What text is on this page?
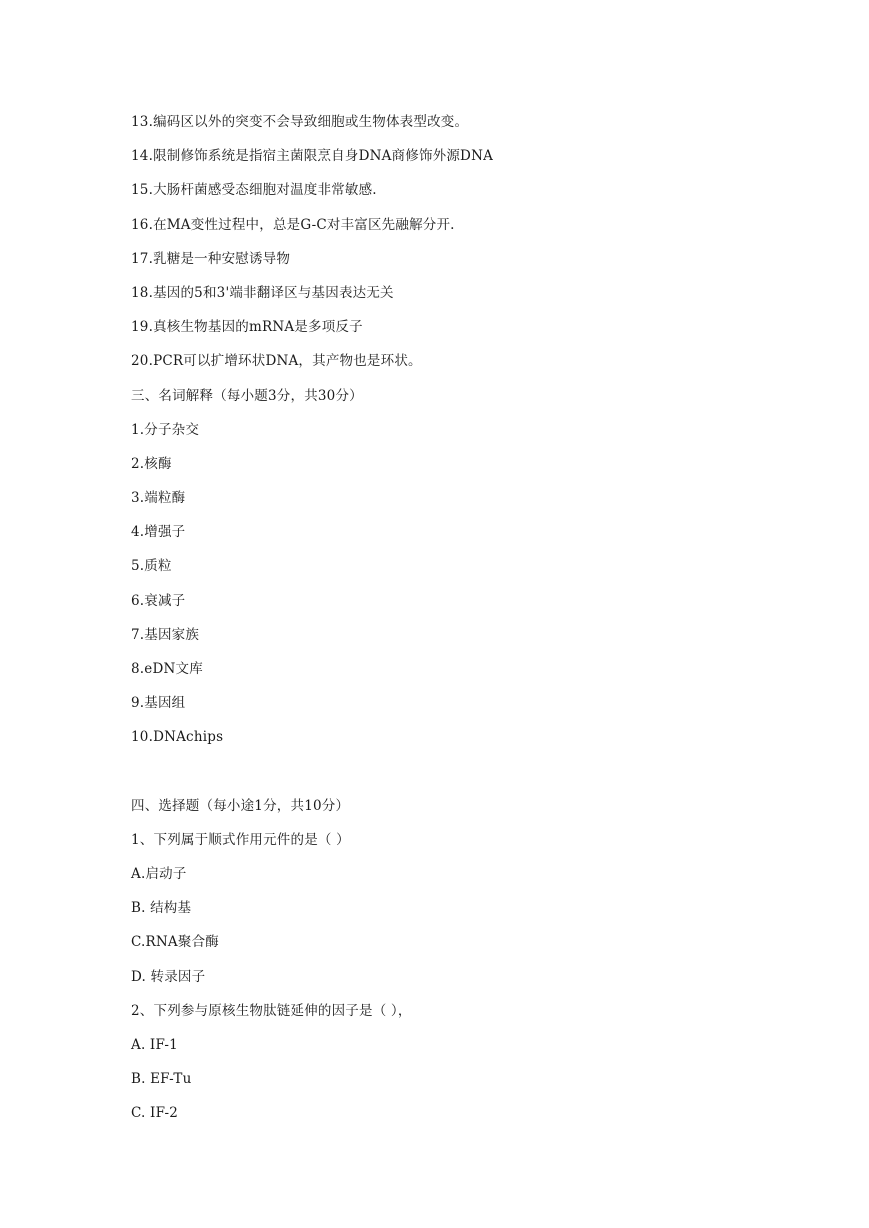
13.编码区以外的突变不会导致细胞或生物体表型改变。
14.限制修饰系统是指宿主菌限烹自身DNA商修饰外源DNA
15.大肠杆菌感受态细胞对温度非常敏感.
16.在MA变性过程中，总是G-C对丰富区先融解分开.
17.乳糖是一种安慰诱导物
18.基因的5和3'端非翻译区与基因表达无关
19.真核生物基因的mRNA是多项反子
20.PCR可以扩增环状DNA，其产物也是环状。
三、名词解释（每小题3分，共30分）
1.分子杂交
2.核酶
3.端粒酶
4.增强子
5.质粒
6.衰减子
7.基因家族
8.eDN文库
9.基因组
10.DNAchips
四、选择题（每小途1分，共10分）
1、下列属于顺式作用元件的是（ ）
A.启动子
B. 结构基
C.RNA聚合酶
D. 转录因子
2、下列参与原核生物肽链延伸的因子是（ ），
A. IF-1
B. EF-Tu
C. IF-2
